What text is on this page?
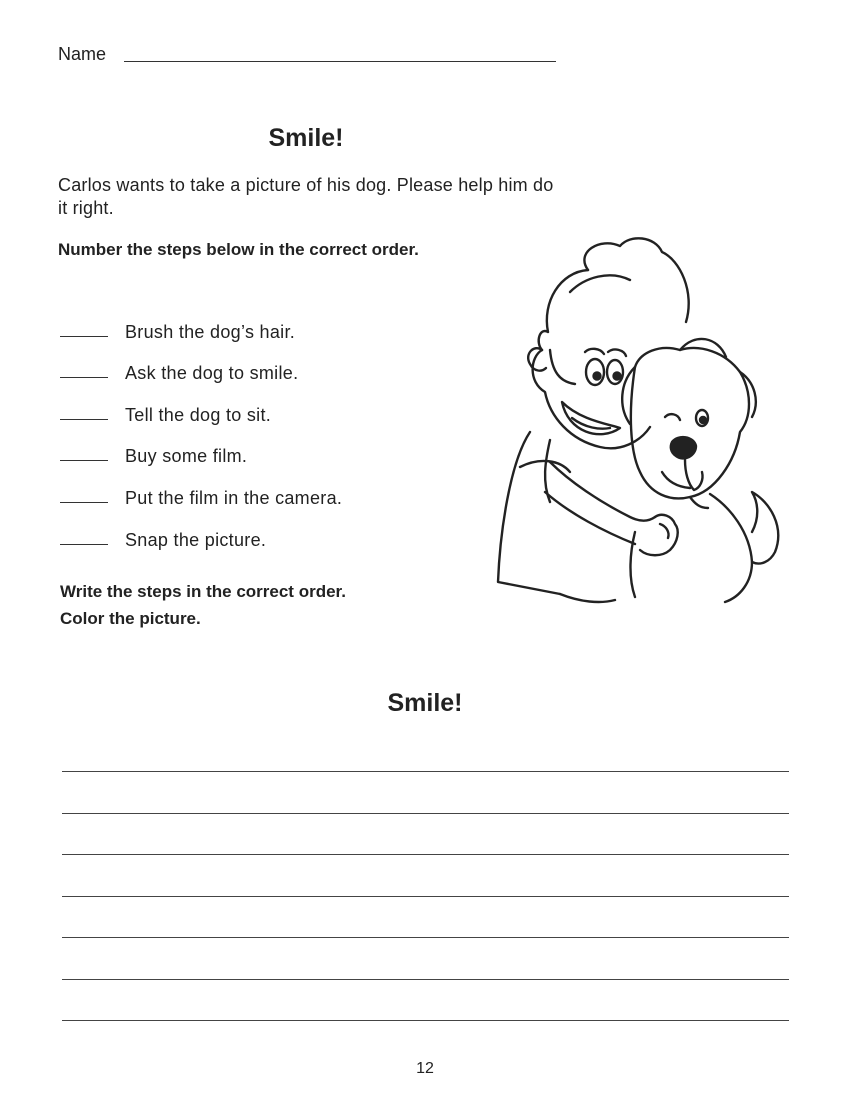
Name
Smile!
Carlos wants to take a picture of his dog. Please help him do it right.
Number the steps below in the correct order.
Brush the dog’s hair.
Ask the dog to smile.
Tell the dog to sit.
Buy some film.
Put the film in the camera.
Snap the picture.
Write the steps in the correct order.
Color the picture.
Smile!
12
